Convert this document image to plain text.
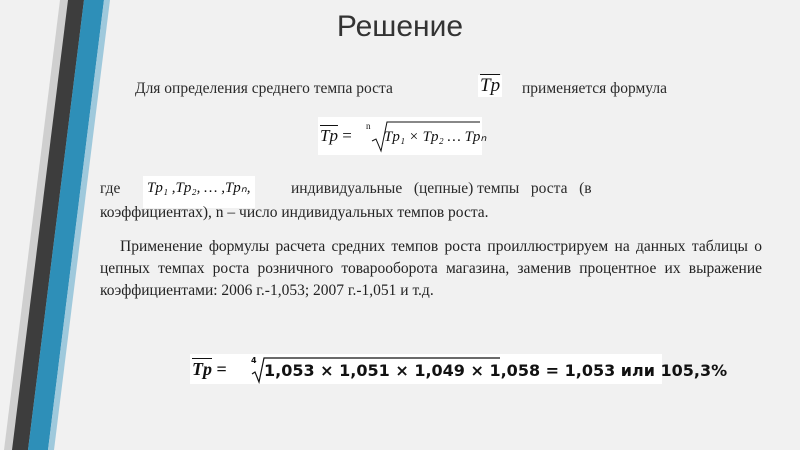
Решение
Для определения среднего темпа роста	$\overline{Tp}$ применяется формула
$\overline{Tp} = n$
Tp₁ × Tp₂ … Tpₙ
где Tp₁ ,Tp₂, … ,Tpₙ,	индивидуальные   (цепные) темпы   роста   (в
коэффициентах), n – число индивидуальных темпов роста.
Применение формулы расчета средних темпов роста проиллюстрируем на данных таблицы о цепных темпах роста розничного товарооборота магазина, заменив процентное их выражение коэффициентами: 2006 г.-1,053; 2007 г.-1,051 и т.д.
$\overline{Tp}$ =	4
1,053 × 1,051 × 1,049 × 1,058 = 1,053 или 105,3%
